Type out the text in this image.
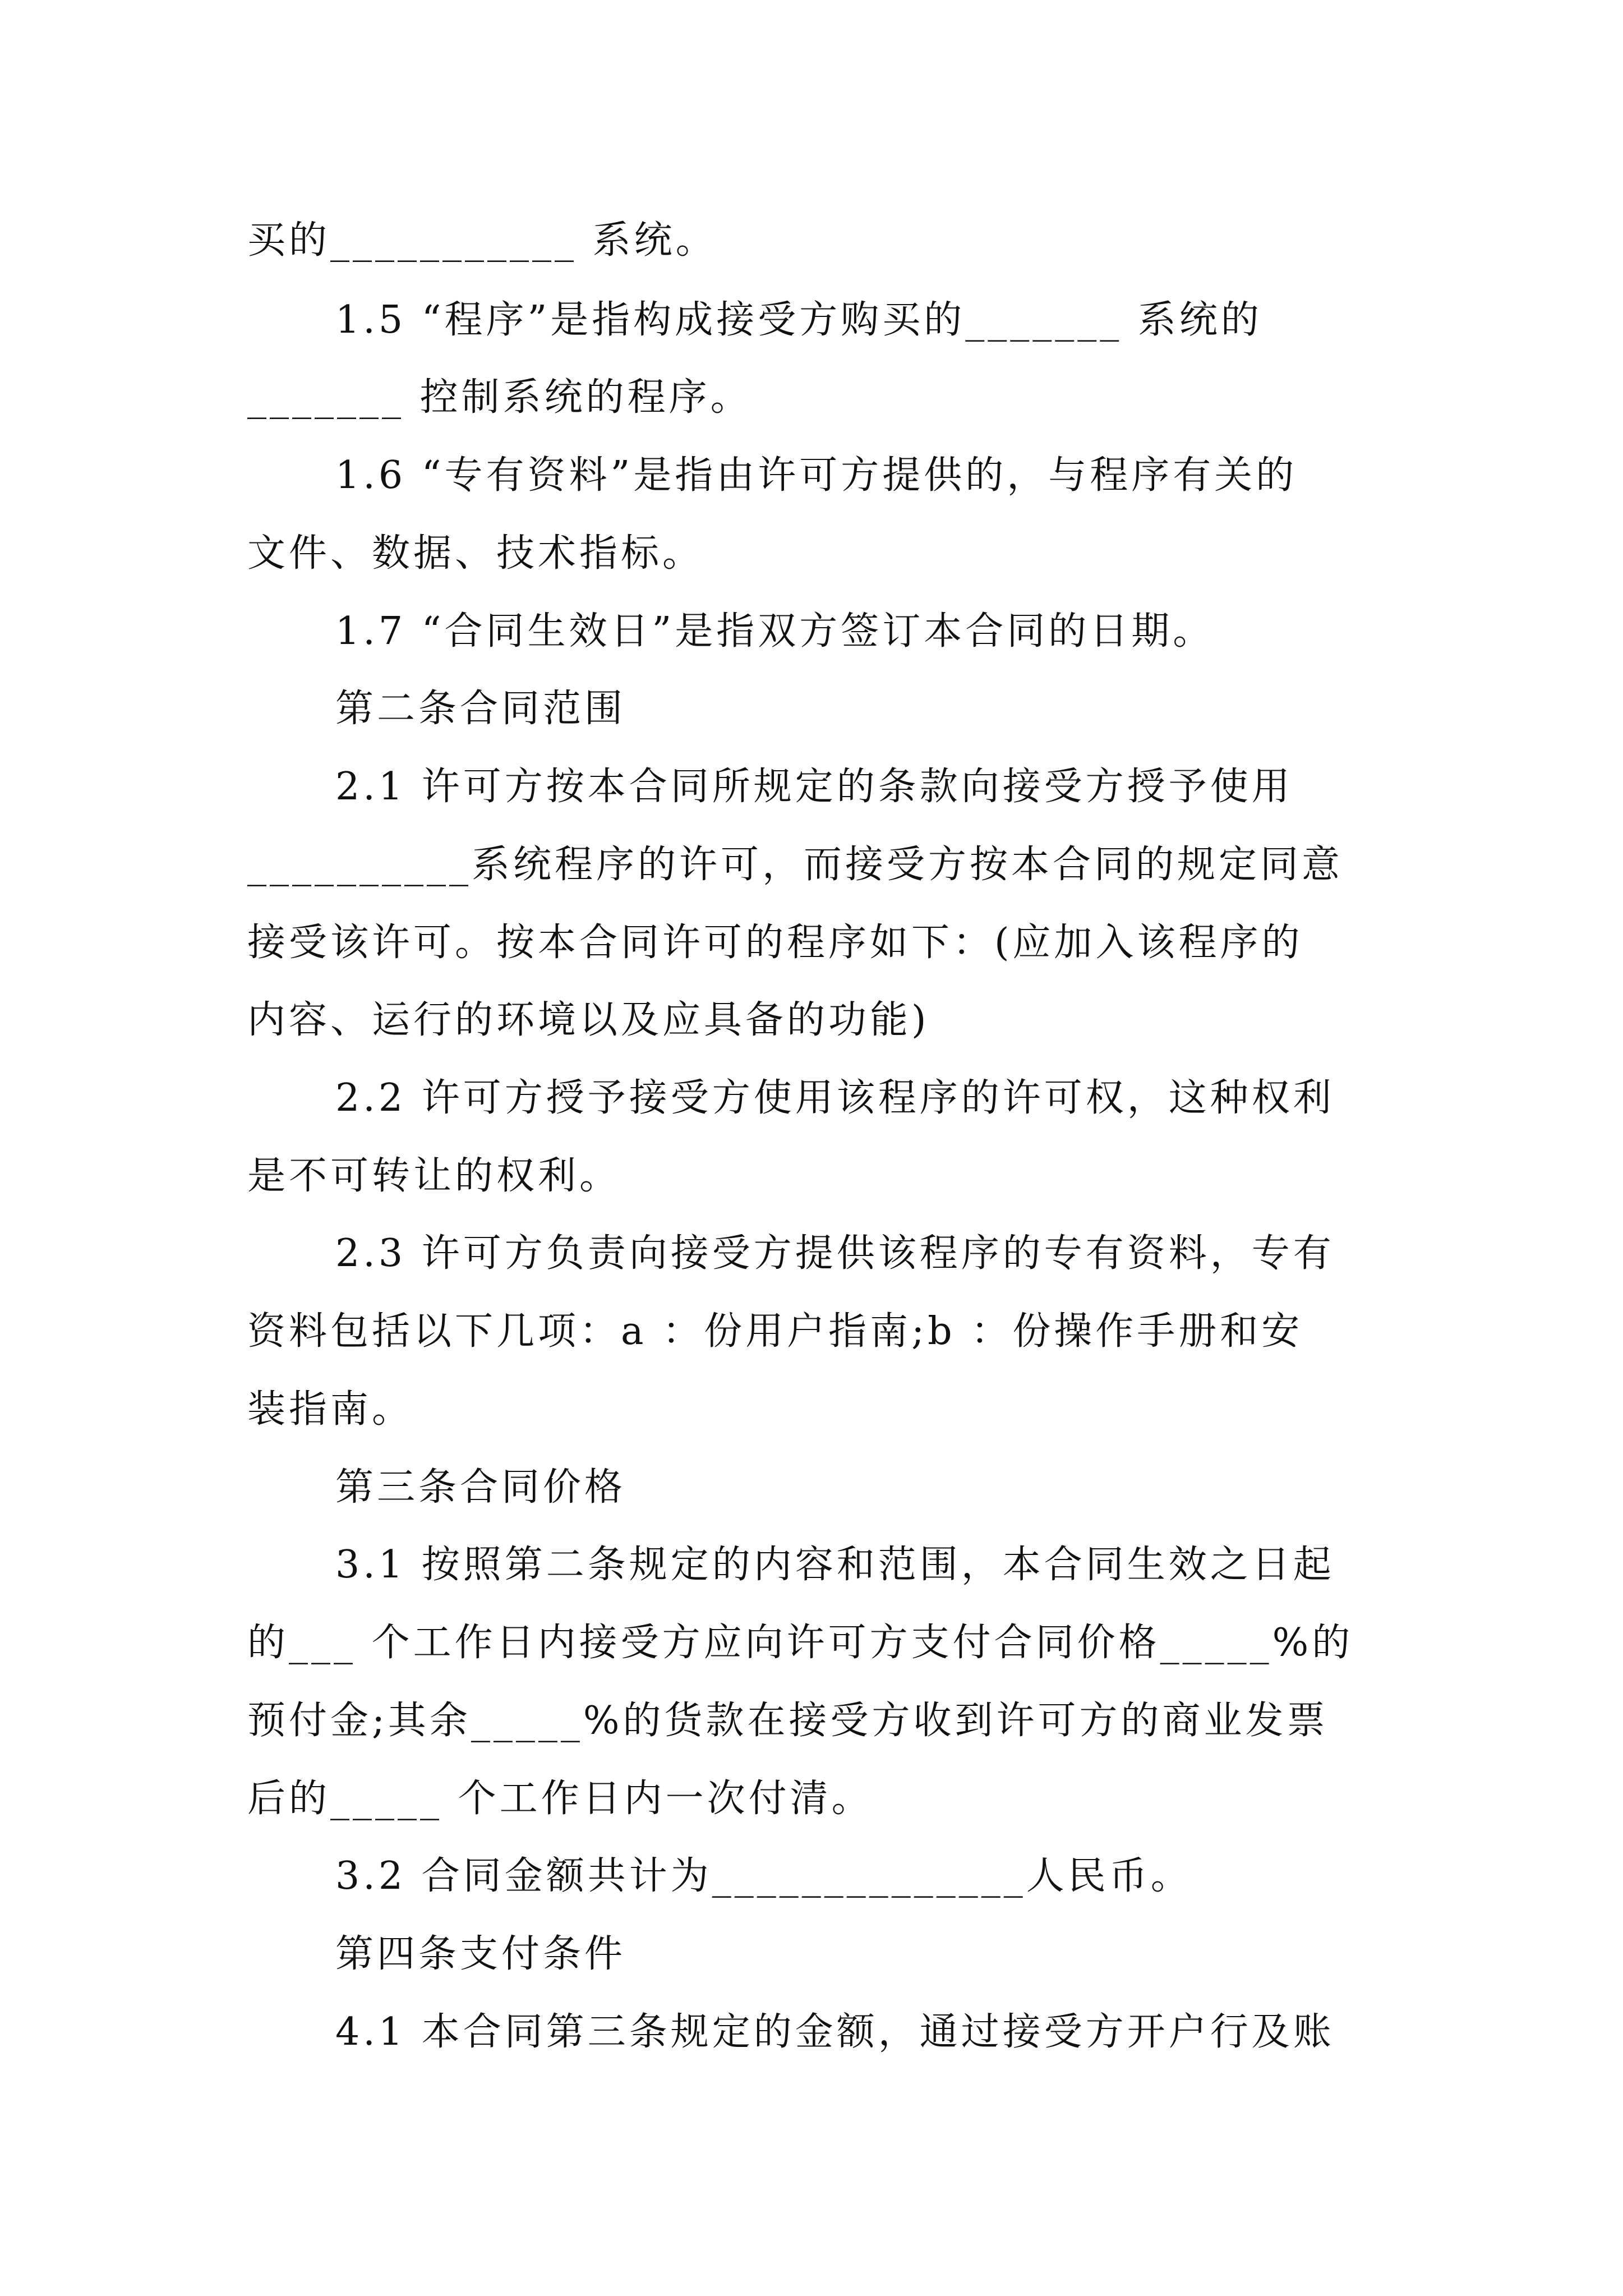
买的___________ 系统。
1.5 “程序”是指构成接受方购买的_______ 系统的
_______ 控制系统的程序。
1.6 “专有资料”是指由许可方提供的，与程序有关的
文件、数据、技术指标。
1.7 “合同生效日”是指双方签订本合同的日期。
第二条合同范围
2.1 许可方按本合同所规定的条款向接受方授予使用
__________系统程序的许可，而接受方按本合同的规定同意
接受该许可。按本合同许可的程序如下：(应加入该程序的
内容、运行的环境以及应具备的功能)
2.2 许可方授予接受方使用该程序的许可权，这种权利
是不可转让的权利。
2.3 许可方负责向接受方提供该程序的专有资料，专有
资料包括以下几项：a ：份用户指南;b ：份操作手册和安
装指南。
第三条合同价格
3.1 按照第二条规定的内容和范围，本合同生效之日起
的___ 个工作日内接受方应向许可方支付合同价格_____%的
预付金;其余_____%的货款在接受方收到许可方的商业发票
后的_____ 个工作日内一次付清。
3.2 合同金额共计为______________人民币。
第四条支付条件
4.1 本合同第三条规定的金额，通过接受方开户行及账
